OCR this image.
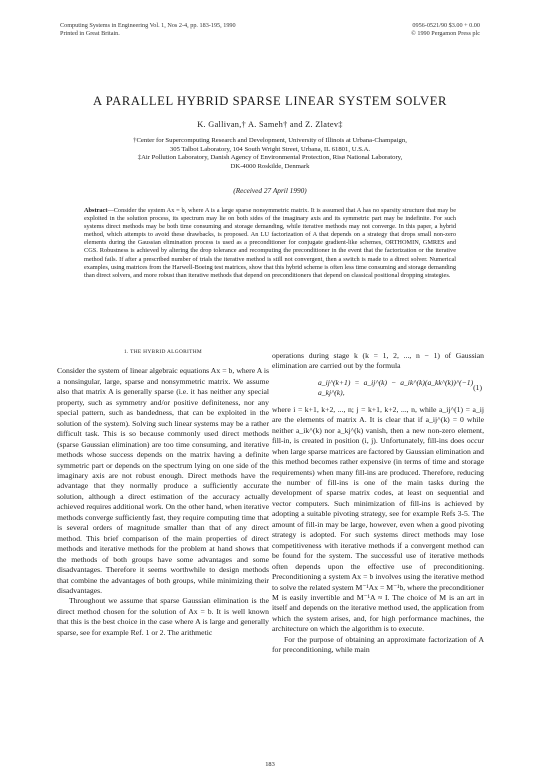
Computing Systems in Engineering Vol. 1, Nos 2-4, pp. 183-195, 1990
Printed in Great Britain.
0956-0521/90 $3.00 + 0.00
© 1990 Pergamon Press plc
A PARALLEL HYBRID SPARSE LINEAR SYSTEM SOLVER
K. Gallivan,† A. Sameh† and Z. Zlatev‡
†Center for Supercomputing Research and Development, University of Illinois at Urbana-Champaign,
305 Talbot Laboratory, 104 South Wright Street, Urbana, IL 61801, U.S.A.
‡Air Pollution Laboratory, Danish Agency of Environmental Protection, Risø National Laboratory,
DK-4000 Roskilde, Denmark
(Received 27 April 1990)
Abstract—Consider the system Ax = b, where A is a large sparse nonsymmetric matrix. It is assumed that A has no sparsity structure that may be exploited in the solution process, its spectrum may lie on both sides of the imaginary axis and its symmetric part may be indefinite. For such systems direct methods may be both time consuming and storage demanding, while iterative methods may not converge. In this paper, a hybrid method, which attempts to avoid these drawbacks, is proposed. An LU factorization of A that depends on a strategy that drops small non-zero elements during the Gaussian elimination process is used as a preconditioner for conjugate gradient-like schemes, ORTHOMIN, GMRES and CGS. Robustness is achieved by altering the drop tolerance and recomputing the preconditioner in the event that the factorization or the iterative method fails. If after a prescribed number of trials the iterative method is still not convergent, then a switch is made to a direct solver. Numerical examples, using matrices from the Harwell-Boeing test matrices, show that this hybrid scheme is often less time consuming and storage demanding than direct solvers, and more robust than iterative methods that depend on preconditioners that depend on classical positional dropping strategies.
1. THE HYBRID ALGORITHM

Consider the system of linear algebraic equations Ax = b, where A is a nonsingular, large, sparse and nonsymmetric matrix. We assume also that matrix A is generally sparse (i.e. it has neither any special property, such as symmetry and/or positive definiteness, nor any special pattern, such as bandedness, that can be exploited in the solution of the system). Solving such linear systems may be a rather difficult task. This is so because commonly used direct methods (sparse Gaussian elimination) are too time consuming, and iterative methods whose success depends on the matrix having a definite symmetric part or depends on the spectrum lying on one side of the imaginary axis are not robust enough. Direct methods have the advantage that they normally produce a sufficiently accurate solution, although a direct estimation of the accuracy actually achieved requires additional work. On the other hand, when iterative methods converge sufficiently fast, they require computing time that is several orders of magnitude smaller than that of any direct method. This brief comparison of the main properties of direct methods and iterative methods for the problem at hand shows that the methods of both groups have some advantages and some disadvantages. Therefore it seems worthwhile to design methods that combine the advantages of both groups, while minimizing their disadvantages.

Throughout we assume that sparse Gaussian elimination is the direct method chosen for the solution of Ax = b. It is well known that this is the best choice in the case where A is large and generally sparse, see for example Ref. 1 or 2. The arithmetic

operations during stage k (k = 1, 2, ..., n − 1) of Gaussian elimination are carried out by the formula

a_ij^(k+1) = a_ij^(k) − a_ik^(k)(a_kk^(k))^(−1) a_kj^(k),
(1)

where i = k+1, k+2, ..., n; j = k+1, k+2, ..., n, while a_ij^(1) = a_ij are the elements of matrix A. It is clear that if a_ij^(k) = 0 while neither a_ik^(k) nor a_kj^(k) vanish, then a new non-zero element, fill-in, is created in position (i, j). Unfortunately, fill-ins does occur when large sparse matrices are factored by Gaussian elimination and this method becomes rather expensive (in terms of time and storage requirements) when many fill-ins are produced. Therefore, reducing the number of fill-ins is one of the main tasks during the development of sparse matrix codes, at least on sequential and vector computers. Such minimization of fill-ins is achieved by adopting a suitable pivoting strategy, see for example Refs 3-5. The amount of fill-in may be large, however, even when a good pivoting strategy is adopted. For such systems direct methods may lose competitiveness with iterative methods if a convergent method can be found for the system. The successful use of iterative methods often depends upon the effective use of preconditioning. Preconditioning a system Ax = b involves using the iterative method to solve the related system M⁻¹Ax = M⁻¹b, where the preconditioner M is easily invertible and M⁻¹A ≈ I. The choice of M is an art in itself and depends on the iterative method used, the application from which the system arises, and, for high performance machines, the architecture on which the algorithm is to execute.

For the purpose of obtaining an approximate factorization of A for preconditioning, while main

183
